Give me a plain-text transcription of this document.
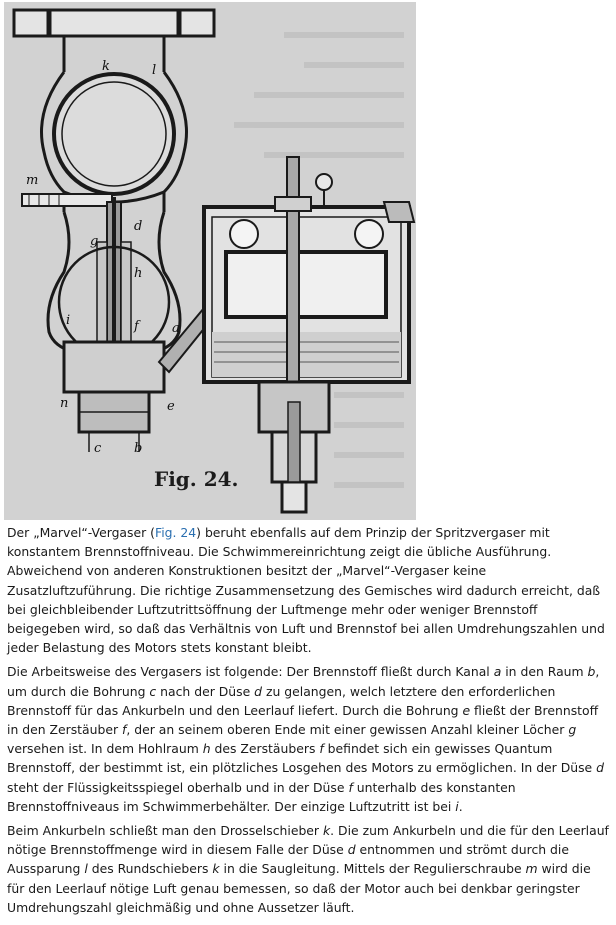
k	l
m
d
g
h
i	f	a
n	e
c	b
Fig. 24.

Der „Marvel“-Vergaser (Fig. 24) beruht ebenfalls auf dem Prinzip der Spritzvergaser mit konstantem Brennstoffniveau. Die Schwimmereinrichtung zeigt die übliche Ausführung. Abweichend von anderen Konstruktionen besitzt der „Marvel“-Vergaser keine Zusatzluftzuführung. Die richtige Zusammensetzung des Gemisches wird dadurch erreicht, daß bei gleichbleibender Luftzutrittsöffnung der Luftmenge mehr oder weniger Brennstoff beigegeben wird, so daß das Verhältnis von Luft und Brennstof bei allen Umdrehungszahlen und jeder Belastung des Motors stets konstant bleibt.

Die Arbeitsweise des Vergasers ist folgende: Der Brennstoff fließt durch Kanal a in den Raum b, um durch die Bohrung c nach der Düse d zu gelangen, welch letztere den erforderlichen Brennstoff für das Ankurbeln und den Leerlauf liefert. Durch die Bohrung e fließt der Brennstoff in den Zerstäuber f, der an seinem oberen Ende mit einer gewissen Anzahl kleiner Löcher g versehen ist. In dem Hohlraum h des Zerstäubers f befindet sich ein gewisses Quantum Brennstoff, der bestimmt ist, ein plötzliches Losgehen des Motors zu ermöglichen. In der Düse d steht der Flüssigkeitsspiegel oberhalb und in der Düse f unterhalb des konstanten Brennstoffniveaus im Schwimmerbehälter. Der einzige Luftzutritt ist bei i.

Beim Ankurbeln schließt man den Drosselschieber k. Die zum Ankurbeln und die für den Leerlauf nötige Brennstoffmenge wird in diesem Falle der Düse d entnommen und strömt durch die Aussparung l des Rundschiebers k in die Saugleitung. Mittels der Regulierschraube m wird die für den Leerlauf nötige Luft genau bemessen, so daß der Motor auch bei denkbar geringster Umdrehungszahl gleichmäßig und ohne Aussetzer läuft.
